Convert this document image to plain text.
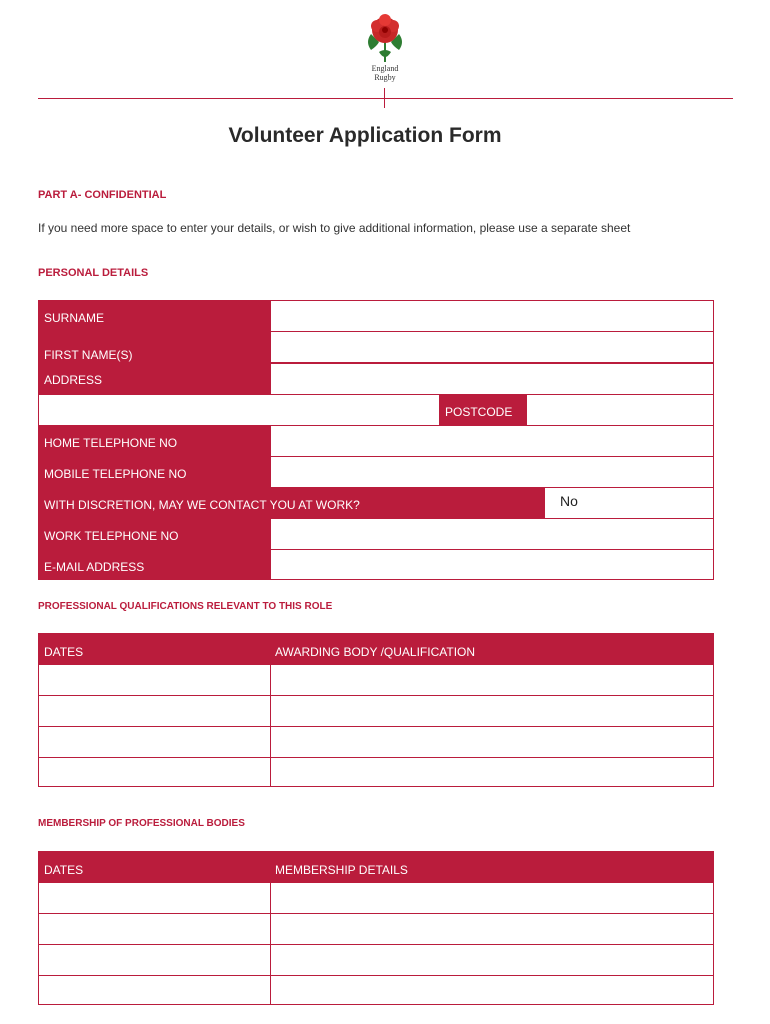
England
Rugby
Volunteer Application Form
PART A- CONFIDENTIAL
If you need more space to enter your details, or wish to give additional information, please use a separate sheet
PERSONAL DETAILS
SURNAME
FIRST NAME(S)
ADDRESS
POSTCODE
HOME TELEPHONE NO
MOBILE TELEPHONE NO
WITH DISCRETION, MAY WE CONTACT YOU AT WORK?	No
WORK TELEPHONE NO
E-MAIL ADDRESS
PROFESSIONAL QUALIFICATIONS RELEVANT TO THIS ROLE
DATES	AWARDING BODY /QUALIFICATION
MEMBERSHIP OF PROFESSIONAL BODIES
DATES	MEMBERSHIP DETAILS
